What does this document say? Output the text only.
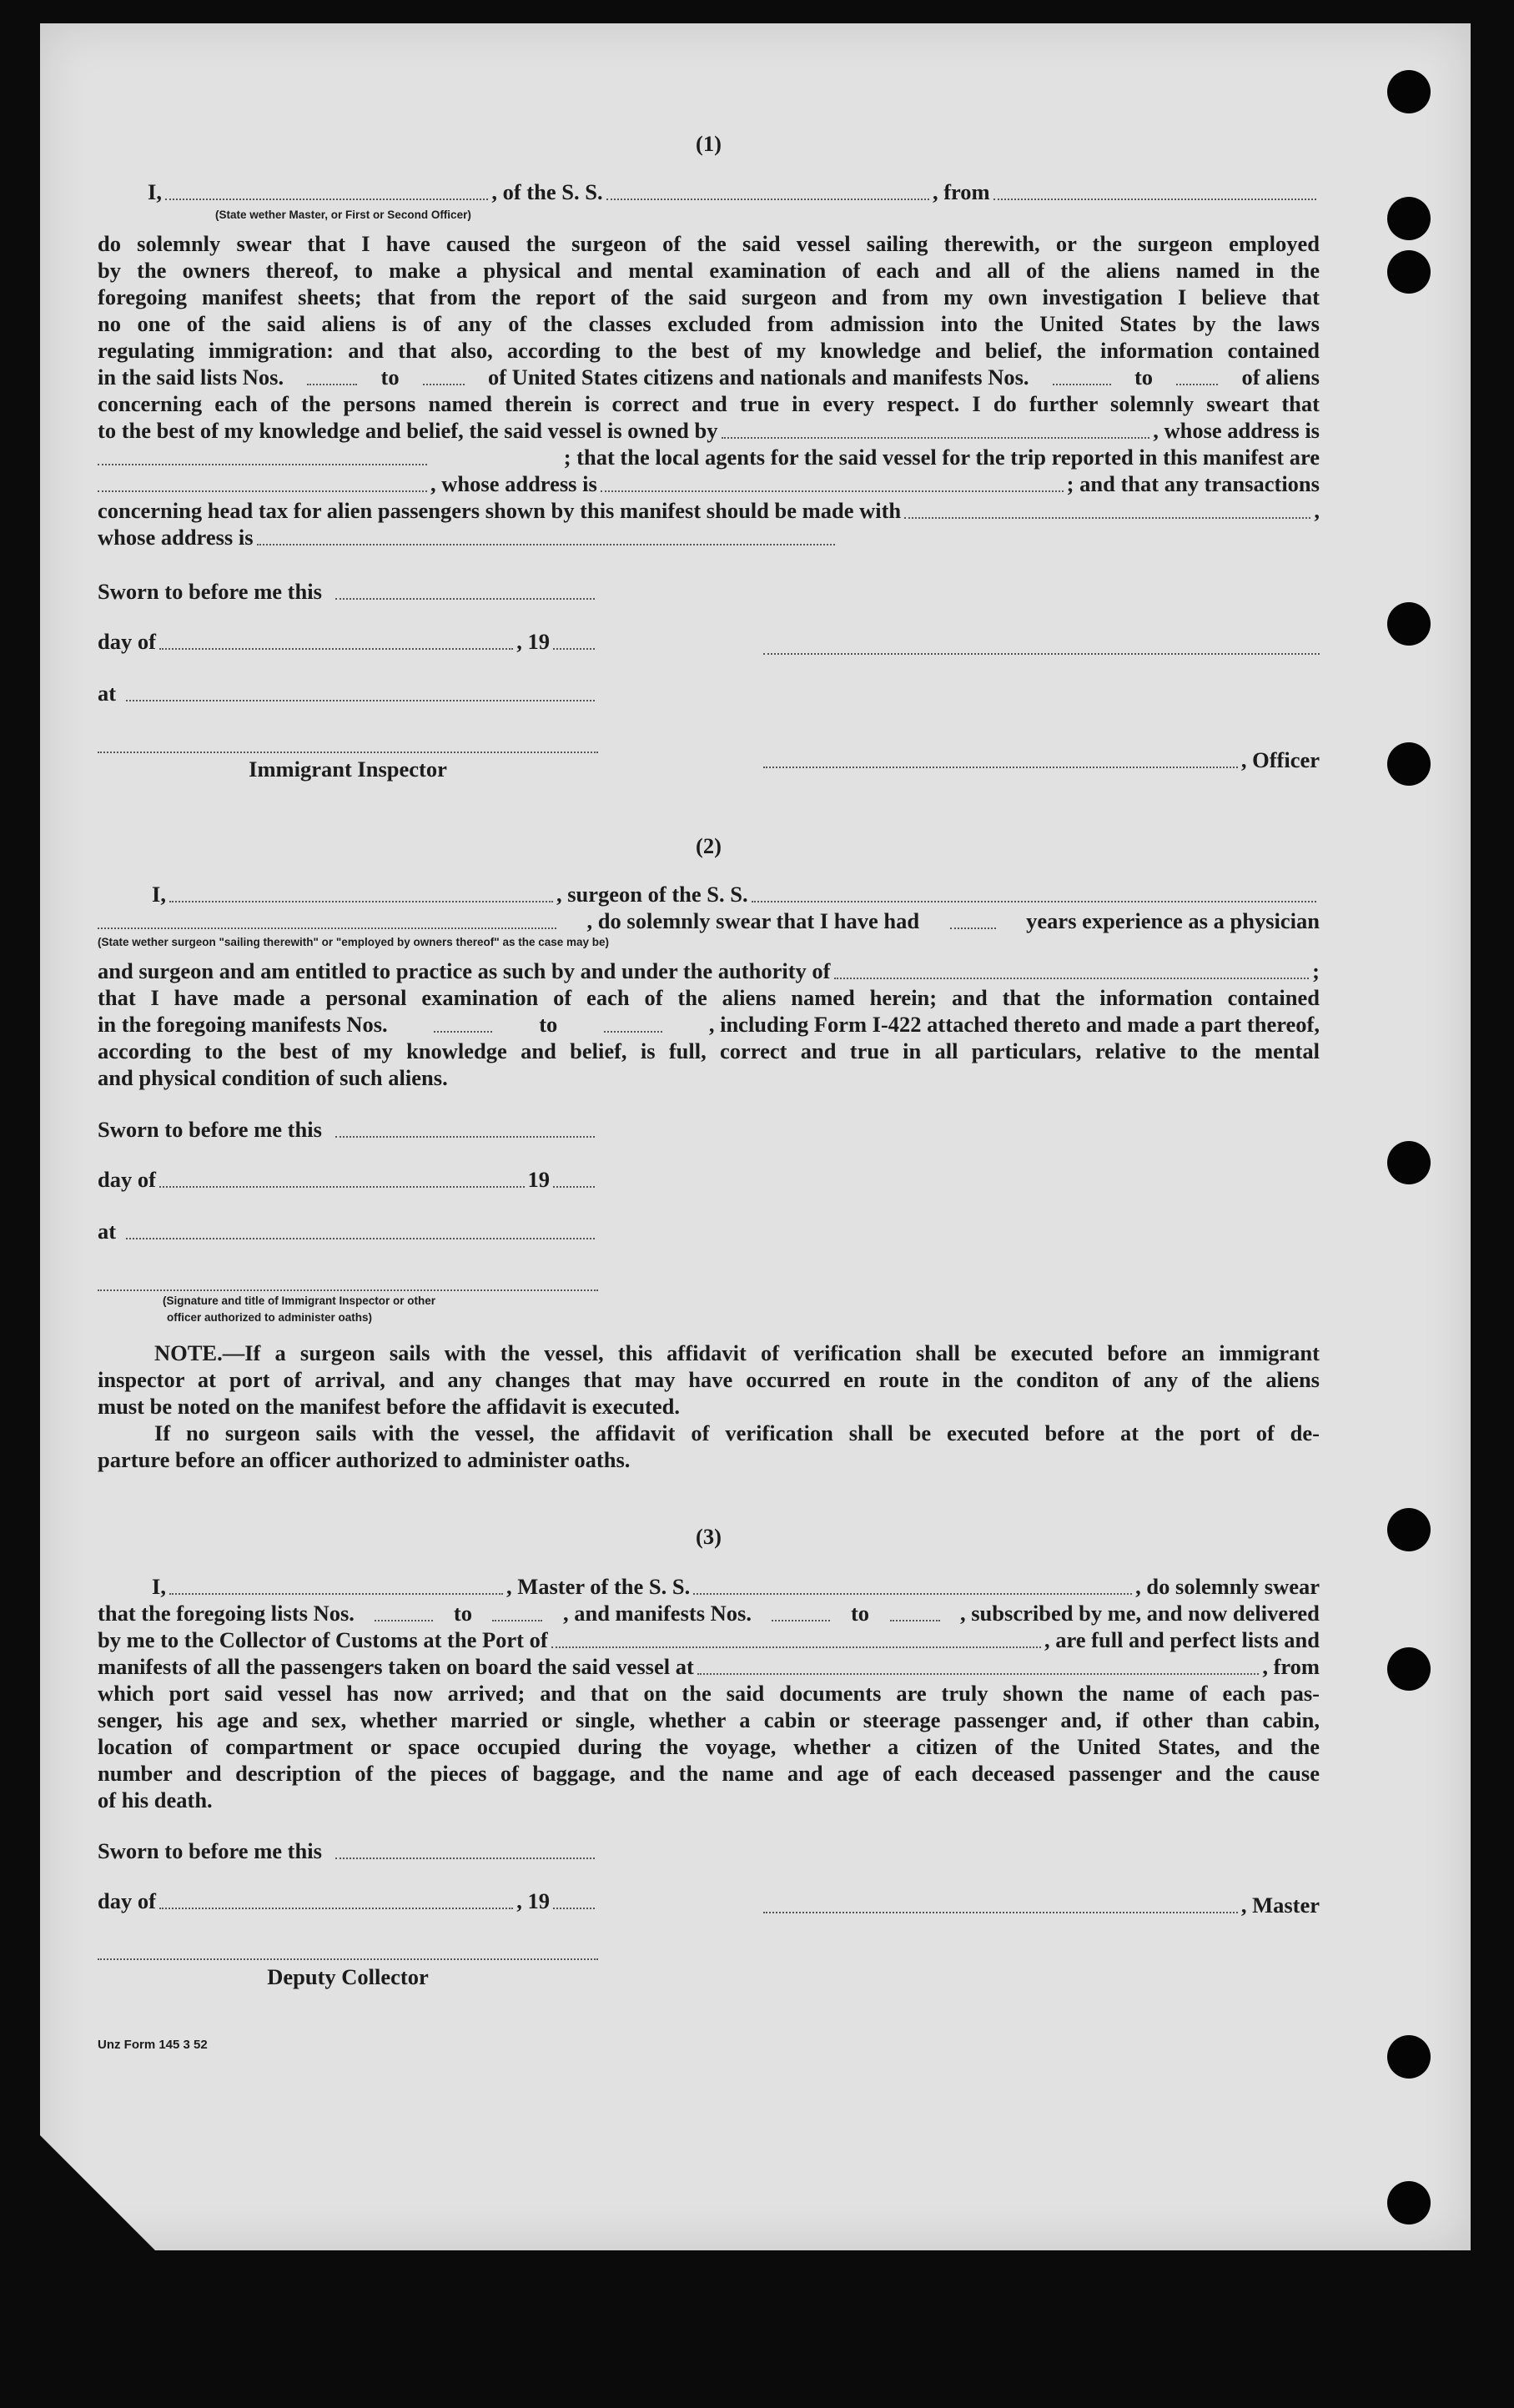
(1)
I,	, of the S. S.	, from
(State wether Master, or First or Second Officer)
do solemnly swear that I have caused the surgeon of the said vessel sailing therewith, or the surgeon employed
by the owners thereof, to make a physical and mental examination of each and all of the aliens named in the
foregoing manifest sheets; that from the report of the said surgeon and from my own investigation I believe that
no one of the said aliens is of any of the classes excluded from admission into the United States by the laws
regulating immigration: and that also, according to the best of my knowledge and belief, the information contained
in the said lists Nos.	to	of United States citizens and nationals and manifests Nos.	to	of aliens
concerning each of the persons named therein is correct and true in every respect. I do further solemnly sweart that
to the best of my knowledge and belief, the said vessel is owned by	, whose address is
; that the local agents for the said vessel for the trip reported in this manifest are
, whose address is	; and that any transactions
concerning head tax for alien passengers shown by this manifest should be made with	,
whose address is
Sworn to before me this
day of	, 19
at
Immigrant Inspector	, Officer
(2)
I,	, surgeon of the S. S.
, do solemnly swear that I have had	years experience as a physician
(State wether surgeon "sailing therewith" or "employed by owners thereof" as the case may be)
and surgeon and am entitled to practice as such by and under the authority of	;
that I have made a personal examination of each of the aliens named herein; and that the information contained
in the foregoing manifests Nos.	to	, including Form I-422 attached thereto and made a part thereof,
according to the best of my knowledge and belief, is full, correct and true in all particulars, relative to the mental
and physical condition of such aliens.
Sworn to before me this
day of	19
at
(Signature and title of Immigrant Inspector or other
officer authorized to administer oaths)
NOTE.—If a surgeon sails with the vessel, this affidavit of verification shall be executed before an immigrant
inspector at port of arrival, and any changes that may have occurred en route in the conditon of any of the aliens
must be noted on the manifest before the affidavit is executed.
If no surgeon sails with the vessel, the affidavit of verification shall be executed before at the port of de-
parture before an officer authorized to administer oaths.
(3)
I,	, Master of the S. S.	, do solemnly swear
that the foregoing lists Nos.	to	, and manifests Nos.	to	, subscribed by me, and now delivered
by me to the Collector of Customs at the Port of	, are full and perfect lists and
manifests of all the passengers taken on board the said vessel at	, from
which port said vessel has now arrived; and that on the said documents are truly shown the name of each pas-
senger, his age and sex, whether married or single, whether a cabin or steerage passenger and, if other than cabin,
location of compartment or space occupied during the voyage, whether a citizen of the United States, and the
number and description of the pieces of baggage, and the name and age of each deceased passenger and the cause
of his death.
Sworn to before me this
day of	, 19	, Master
Deputy Collector
Unz Form 145 3 52
